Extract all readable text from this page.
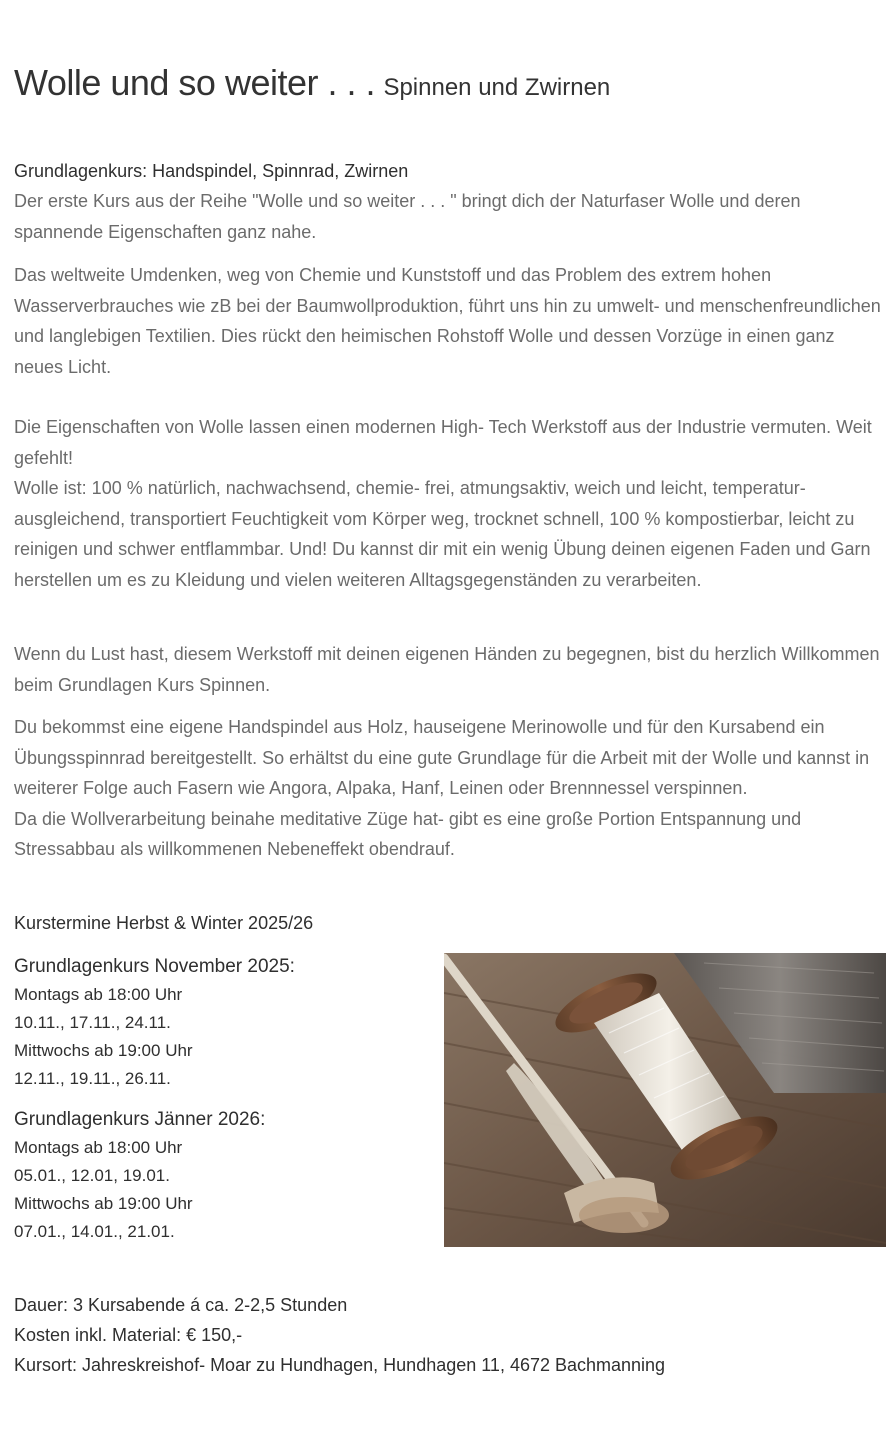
Wolle und so weiter . . . Spinnen und Zwirnen
Grundlagenkurs: Handspindel, Spinnrad, Zwirnen

Der erste Kurs aus der Reihe "Wolle und so weiter . . . " bringt dich der Naturfaser Wolle und deren spannende Eigenschaften ganz nahe.

Das weltweite Umdenken, weg von Chemie und Kunststoff und das Problem des extrem hohen Wasserverbrauches wie zB bei der Baumwollproduktion, führt uns hin zu umwelt- und menschenfreundlichen und langlebigen Textilien. Dies rückt den heimischen Rohstoff Wolle und dessen Vorzüge in einen ganz neues Licht.

Die Eigenschaften von Wolle lassen einen modernen High- Tech Werkstoff aus der Industrie vermuten. Weit gefehlt!

Wolle ist: 100 % natürlich, nachwachsend, chemie- frei, atmungsaktiv, weich und leicht, temperatur- ausgleichend, transportiert Feuchtigkeit vom Körper weg, trocknet schnell, 100 % kompostierbar, leicht zu reinigen und schwer entflammbar. Und! Du kannst dir mit ein wenig Übung deinen eigenen Faden und Garn herstellen um es zu Kleidung und vielen weiteren Alltagsgegenständen zu verarbeiten.

Wenn du Lust hast, diesem Werkstoff mit deinen eigenen Händen zu begegnen, bist du herzlich Willkommen beim Grundlagen Kurs Spinnen.

Du bekommst eine eigene Handspindel aus Holz, hauseigene Merinowolle und für den Kursabend ein Übungsspinnrad bereitgestellt. So erhältst du eine gute Grundlage für die Arbeit mit der Wolle und kannst in weiterer Folge auch Fasern wie Angora, Alpaka, Hanf, Leinen oder Brennnessel verspinnen.

Da die Wollverarbeitung beinahe meditative Züge hat- gibt es eine große Portion Entspannung und Stressabbau als willkommenen Nebeneffekt obendrauf.

Kurstermine Herbst & Winter 2025/26

Grundlagenkurs November 2025:

Montags ab 18:00 Uhr

10.11., 17.11., 24.11.

Mittwochs ab 19:00 Uhr

12.11., 19.11., 26.11.

Grundlagenkurs Jänner 2026:

Montags ab 18:00 Uhr

05.01., 12.01, 19.01.

Mittwochs ab 19:00 Uhr

07.01., 14.01., 21.01.

Dauer: 3 Kursabende á ca. 2-2,5 Stunden

Kosten inkl. Material: € 150,-

Kursort: Jahreskreishof- Moar zu Hundhagen, Hundhagen 11, 4672 Bachmanning
